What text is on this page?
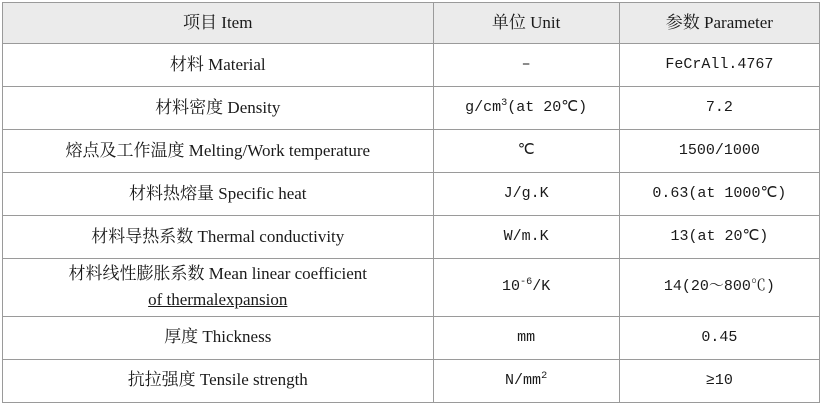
项目 Item	单位 Unit	参数 Parameter
材料 Material	–	FeCrAll.4767
材料密度 Density	$g/cm^3(at$ 20℃)	7.2
熔点及工作温度 Melting/Work temperature	℃	1500/1000
材料热熔量 Specific heat	J/g.K	0.63(at 1000℃)
材料导热系数 Thermal conductivity	W/m.K	13(at 20℃)

材料线性膨胀系数 Mean linear coefficient
of thermalexpansion	$10^{-6}/K$	14(20～800℃)
厚度 Thickness	mm	0.45
抗拉强度 Tensile strength	$N/mm^2$	≥10
